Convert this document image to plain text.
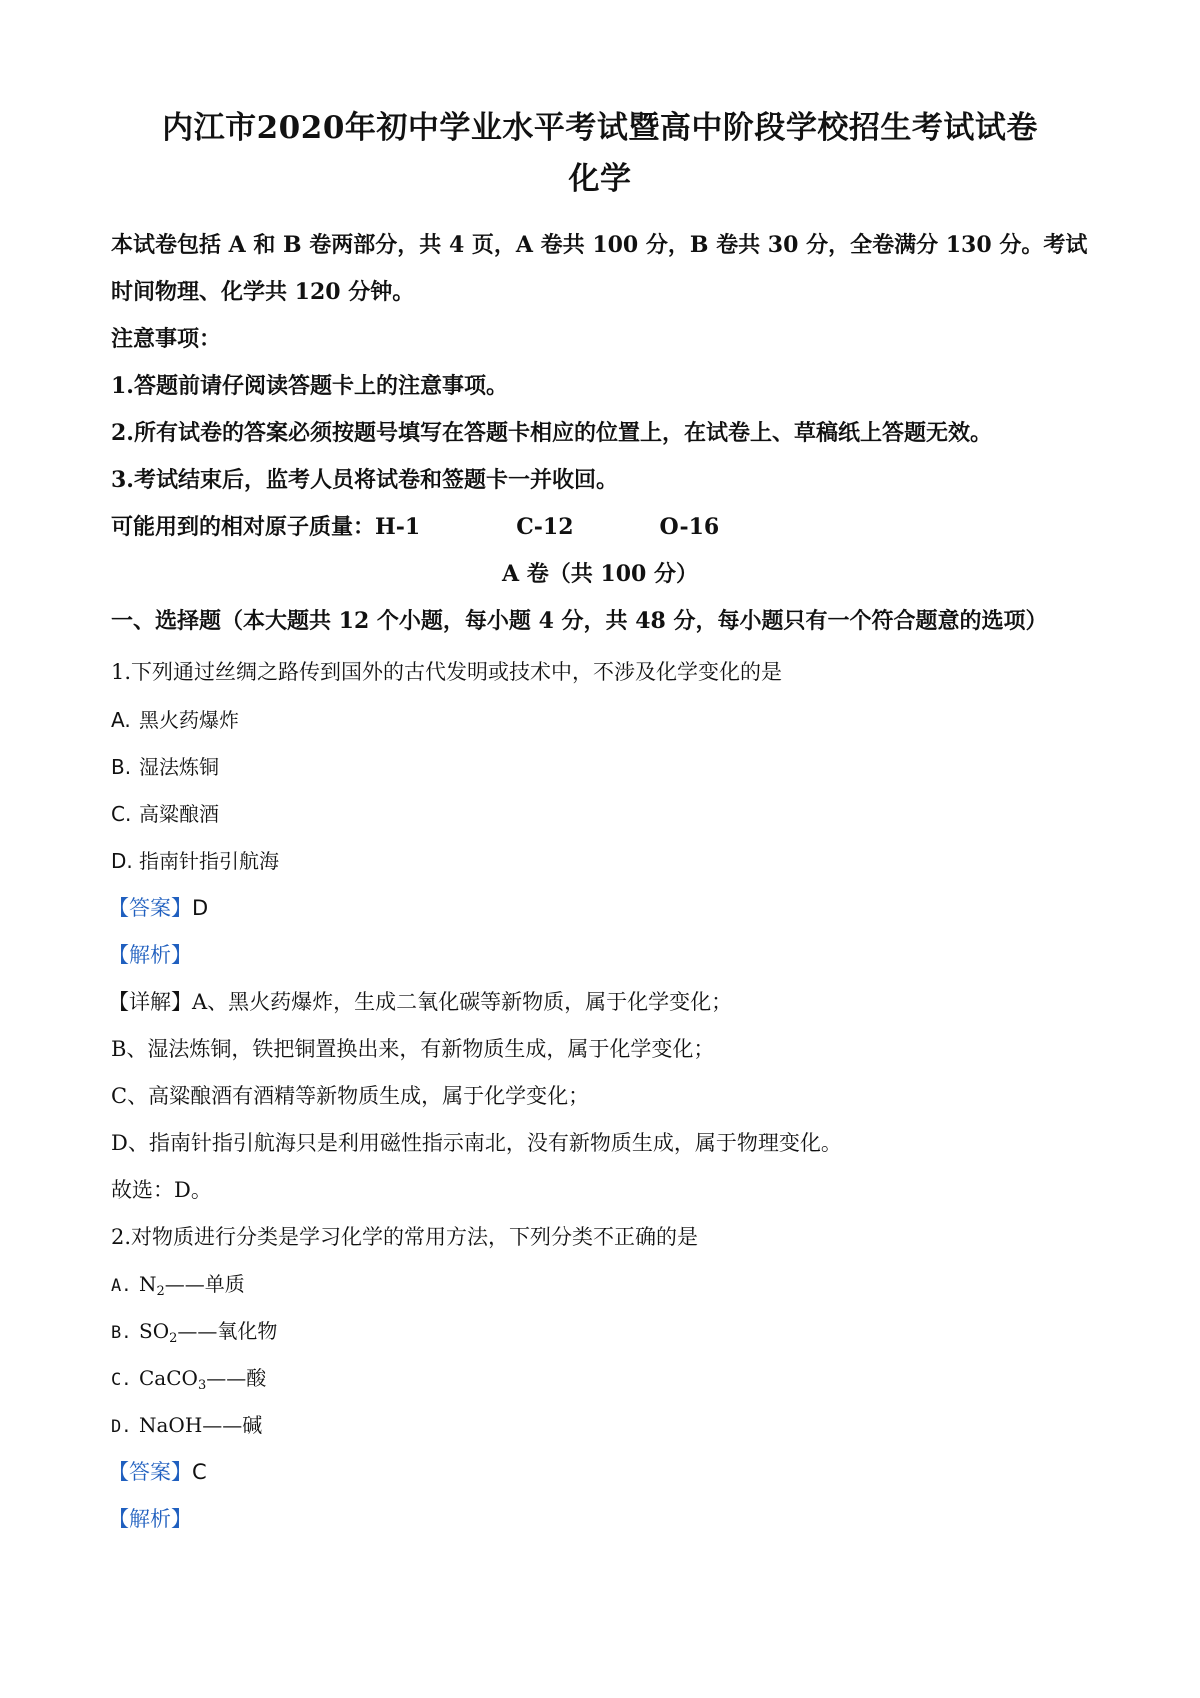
内江市2020年初中学业水平考试暨高中阶段学校招生考试试卷
化学
本试卷包括 A 和 B 卷两部分，共 4 页，A 卷共 100 分，B 卷共 30 分，全卷满分 130 分。考试
时间物理、化学共 120 分钟。
注意事项：
1.答题前请仔阅读答题卡上的注意事项。
2.所有试卷的答案必须按题号填写在答题卡相应的位置上，在试卷上、草稿纸上答题无效。
3.考试结束后，监考人员将试卷和签题卡一并收回。
可能用到的相对原子质量：H-1	C-12	O-16
A 卷（共 100 分）
一、选择题（本大题共 12 个小题，每小题 4 分，共 48 分，每小题只有一个符合题意的选项）
1.下列通过丝绸之路传到国外的古代发明或技术中，不涉及化学变化的是
A. 黑火药爆炸
B. 湿法炼铜
C. 高粱酿酒
D. 指南针指引航海
【答案】D
【解析】
【详解】A、黑火药爆炸，生成二氧化碳等新物质，属于化学变化；
B、湿法炼铜，铁把铜置换出来，有新物质生成，属于化学变化；
C、高粱酿酒有酒精等新物质生成，属于化学变化；
D、指南针指引航海只是利用磁性指示南北，没有新物质生成，属于物理变化。
故选：D。
2.对物质进行分类是学习化学的常用方法，下列分类不正确的是
A. $N_2——$单质
B. $SO_2——$氧化物
C. CaCO$_3$——酸
D. NaOH——碱
【答案】C
【解析】
